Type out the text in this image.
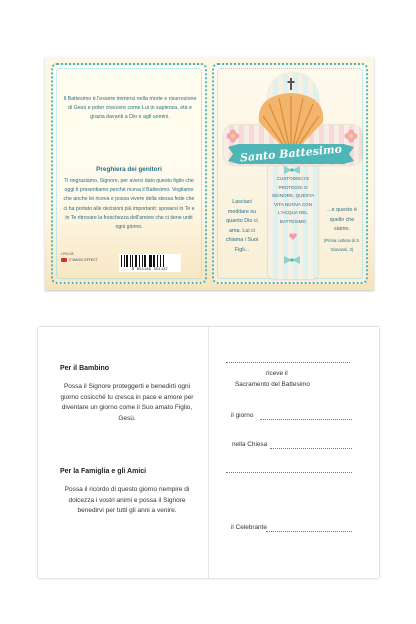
Il Battesimo è l'essere immersi nella morte e risurrezione di Gesù e poter crescere come Lui in sapienza, età e grazia davanti a Dio e agli uomini.

Preghiera dei genitori

Ti ringraziamo, Signore, per averci dato questo figlio che oggi ti presentiamo perché riceva il Battesimo. Vogliamo che anche lei riceva e possa vivere della stessa fede che ci ha portato alle decisioni più importanti: sposarsi in Te e in Te ritrovare la freschezza dell'amore che ci tiene uniti ogni giorno.

LP63-08
© MAGIC EFFECT
8 054188 351137
Santo Battesimo

Lasciaci meditare su quanto Dio ci ama. Lui ci chiama i Suoi Figli...

CUSTODISCI E PROTEGGI O SIGNORE, QUESTA VITA NUOVA CON L'ACQUA DEL BATTESIMO

...e questo è quello che siamo.

(Prima Lettera di S. Giovanni, 3)

Per il Bambino

Possa il Signore proteggerti e benedirti ogni giorno cosicché tu cresca in pace e amore per diventare un giorno come il Suo amato Figlio, Gesù.

Per la Famiglia e gli Amici

Possa il ricordo di questo giorno riempire di dolcezza i vostri animi e possa il Signore benedirvi per tutti gli anni a venire.

riceve il
Sacramento del Battesimo
il giorno
nella Chiesa
il Celebrante
